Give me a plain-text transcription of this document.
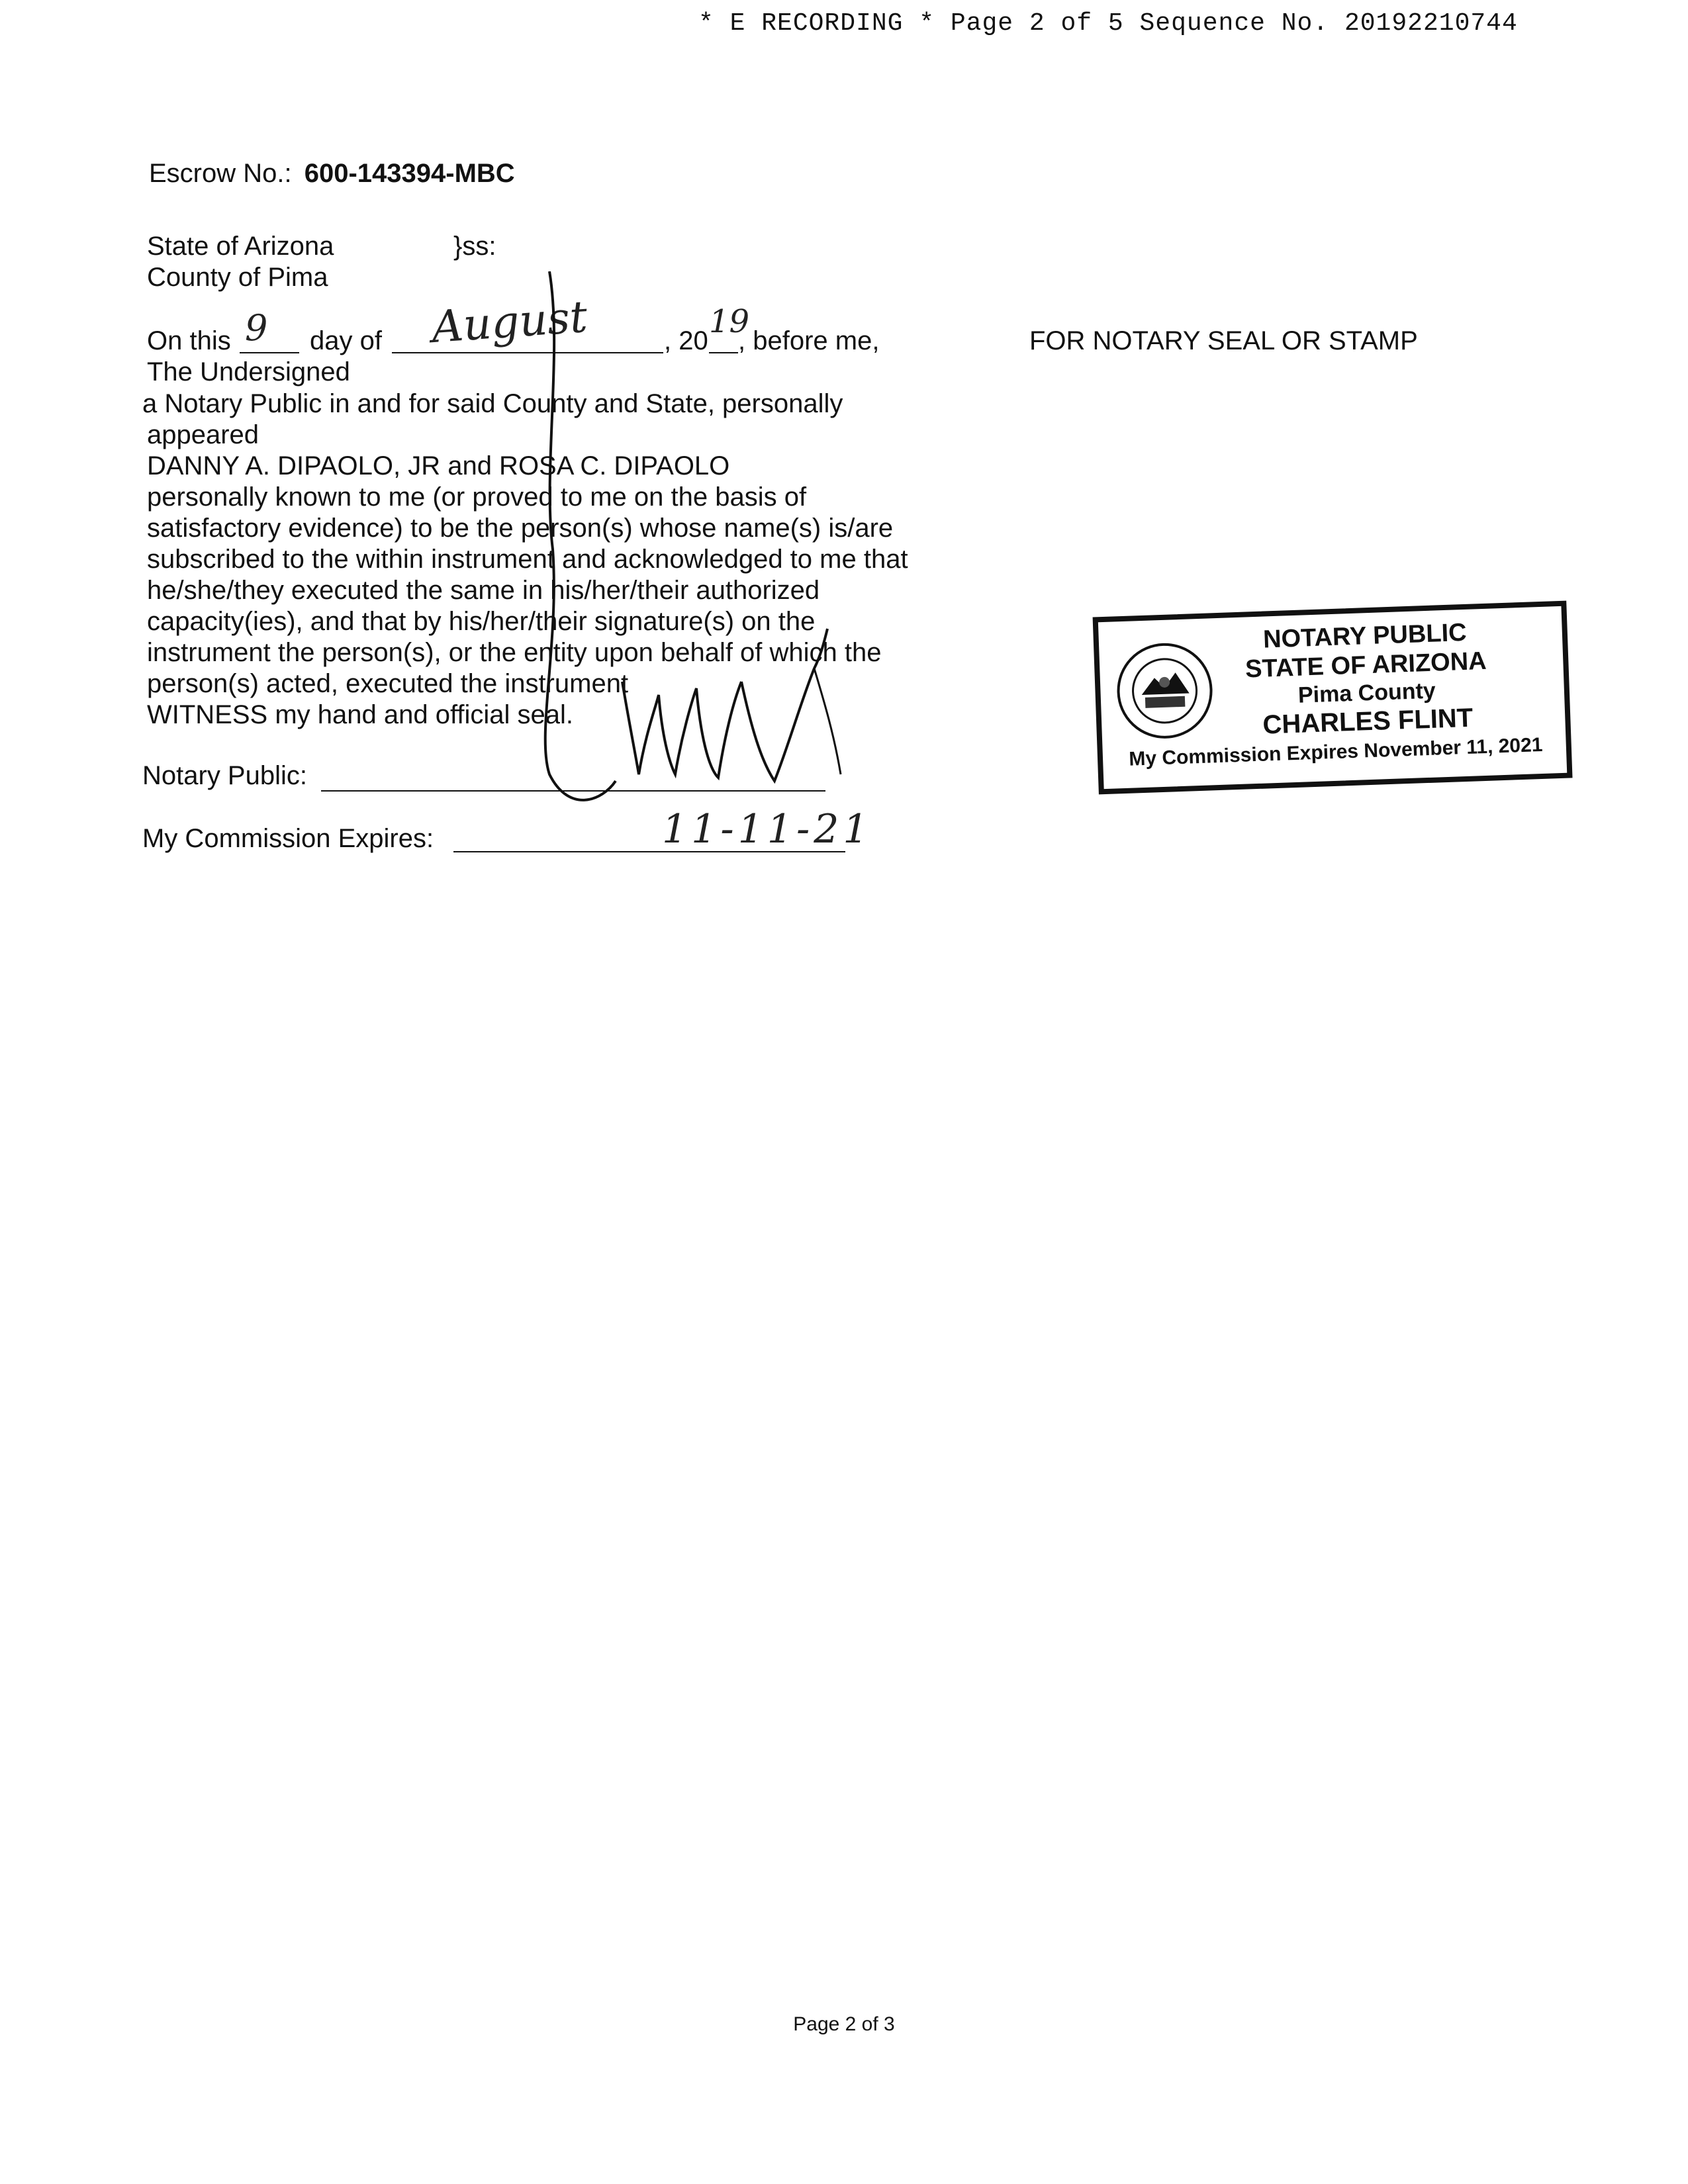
* E RECORDING * Page 2 of 5 Sequence No. 20192210744
Escrow No.: 600-143394-MBC
State of Arizona	}ss:
County of Pima
On this 9 day of August	, 20
19
, before me,
The Undersigned
a Notary Public in and for said County and State, personally
appeared
DANNY A. DIPAOLO, JR and ROSA C. DIPAOLO
personally known to me (or proved to me on the basis of
satisfactory evidence) to be the person(s) whose name(s) is/are
subscribed to the within instrument and acknowledged to me that
he/she/they executed the same in his/her/their authorized
capacity(ies), and that by his/her/their signature(s) on the
instrument the person(s), or the entity upon behalf of which the
person(s) acted, executed the instrument
WITNESS my hand and official seal.
Notary Public:
My Commission Expires:	11-11-21
FOR NOTARY SEAL OR STAMP
NOTARY PUBLIC
STATE OF ARIZONA
Pima County
CHARLES FLINT
My Commission Expires November 11, 2021
Page 2 of 3
